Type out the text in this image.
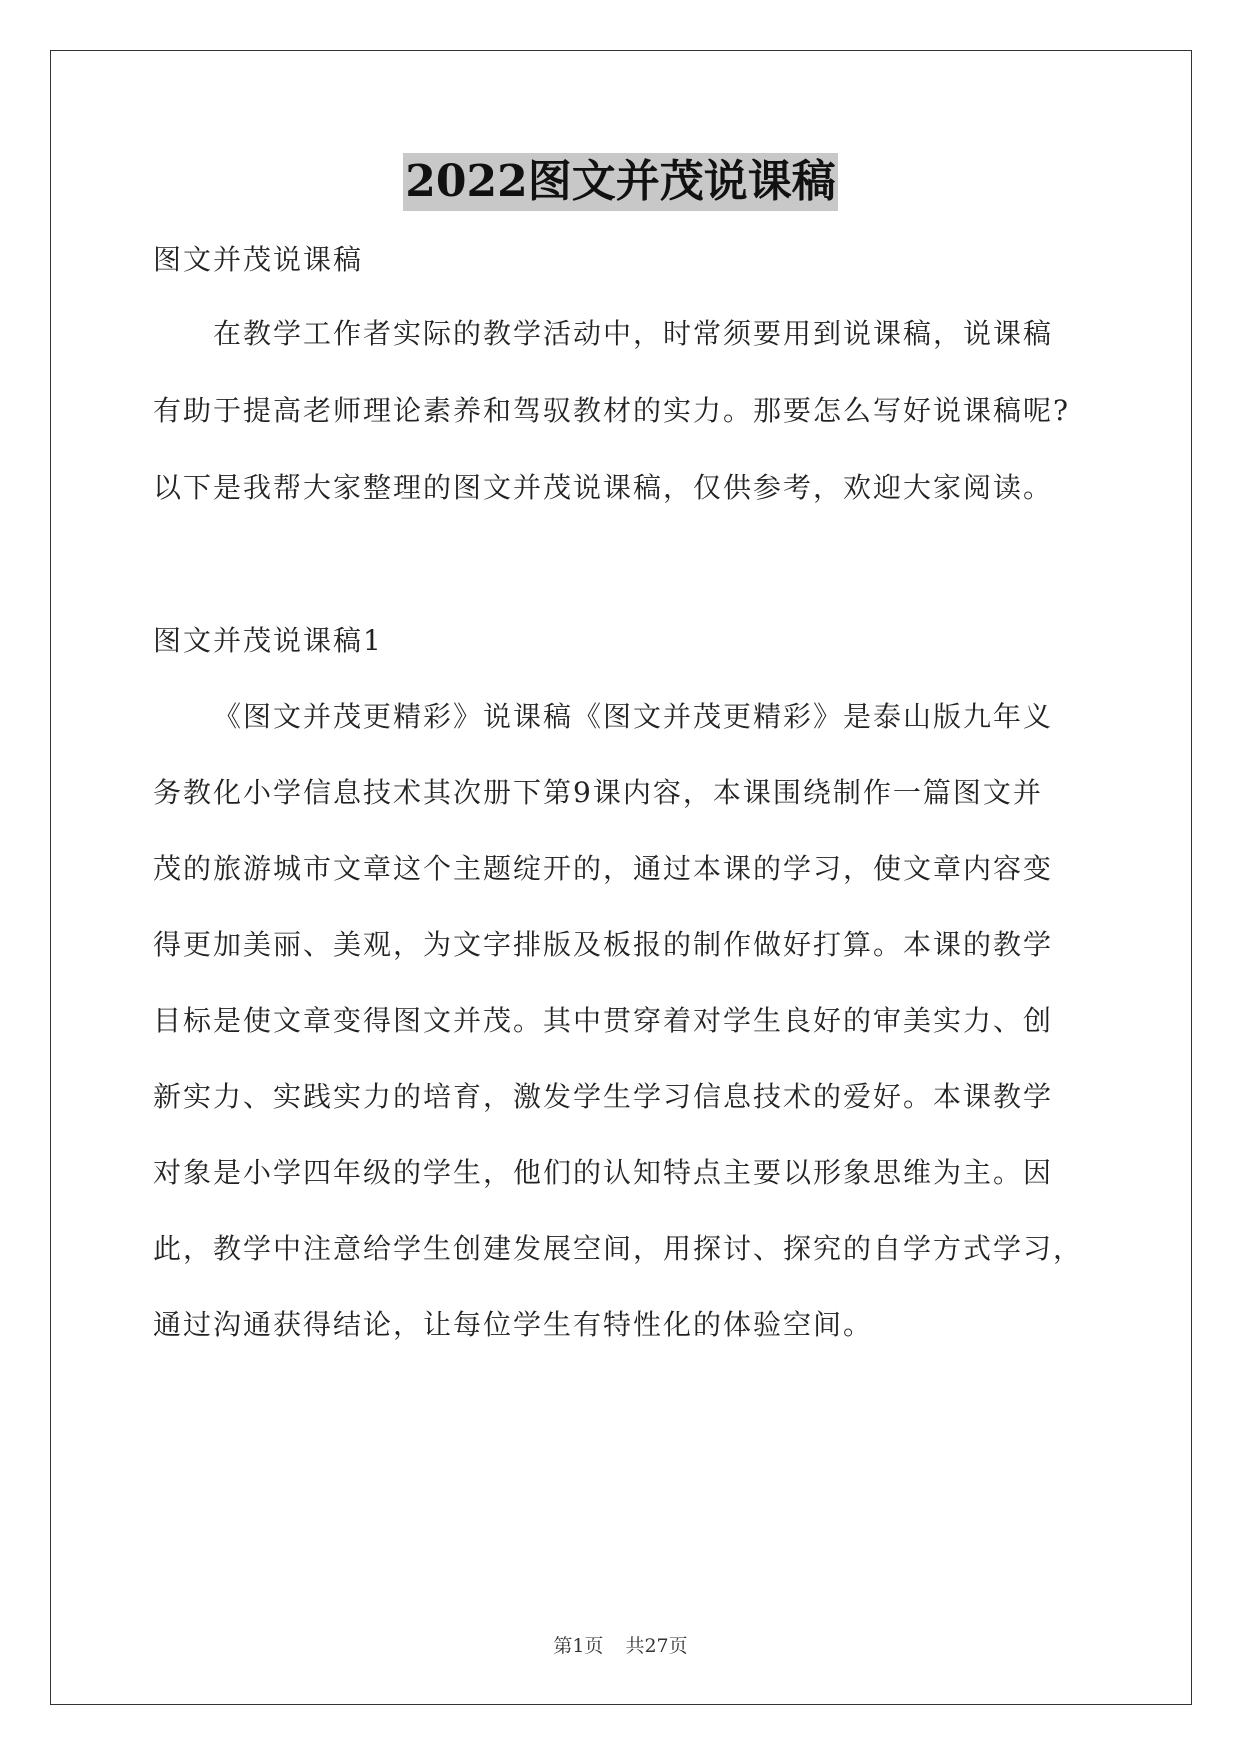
2022图文并茂说课稿
图文并茂说课稿
在教学工作者实际的教学活动中，时常须要用到说课稿，说课稿
有助于提高老师理论素养和驾驭教材的实力。那要怎么写好说课稿呢?
以下是我帮大家整理的图文并茂说课稿，仅供参考，欢迎大家阅读。
图文并茂说课稿1
《图文并茂更精彩》说课稿《图文并茂更精彩》是泰山版九年义
务教化小学信息技术其次册下第9课内容，本课围绕制作一篇图文并
茂的旅游城市文章这个主题绽开的，通过本课的学习，使文章内容变
得更加美丽、美观，为文字排版及板报的制作做好打算。本课的教学
目标是使文章变得图文并茂。其中贯穿着对学生良好的审美实力、创
新实力、实践实力的培育，激发学生学习信息技术的爱好。本课教学
对象是小学四年级的学生，他们的认知特点主要以形象思维为主。因
此，教学中注意给学生创建发展空间，用探讨、探究的自学方式学习，
通过沟通获得结论，让每位学生有特性化的体验空间。
第1页 共27页
